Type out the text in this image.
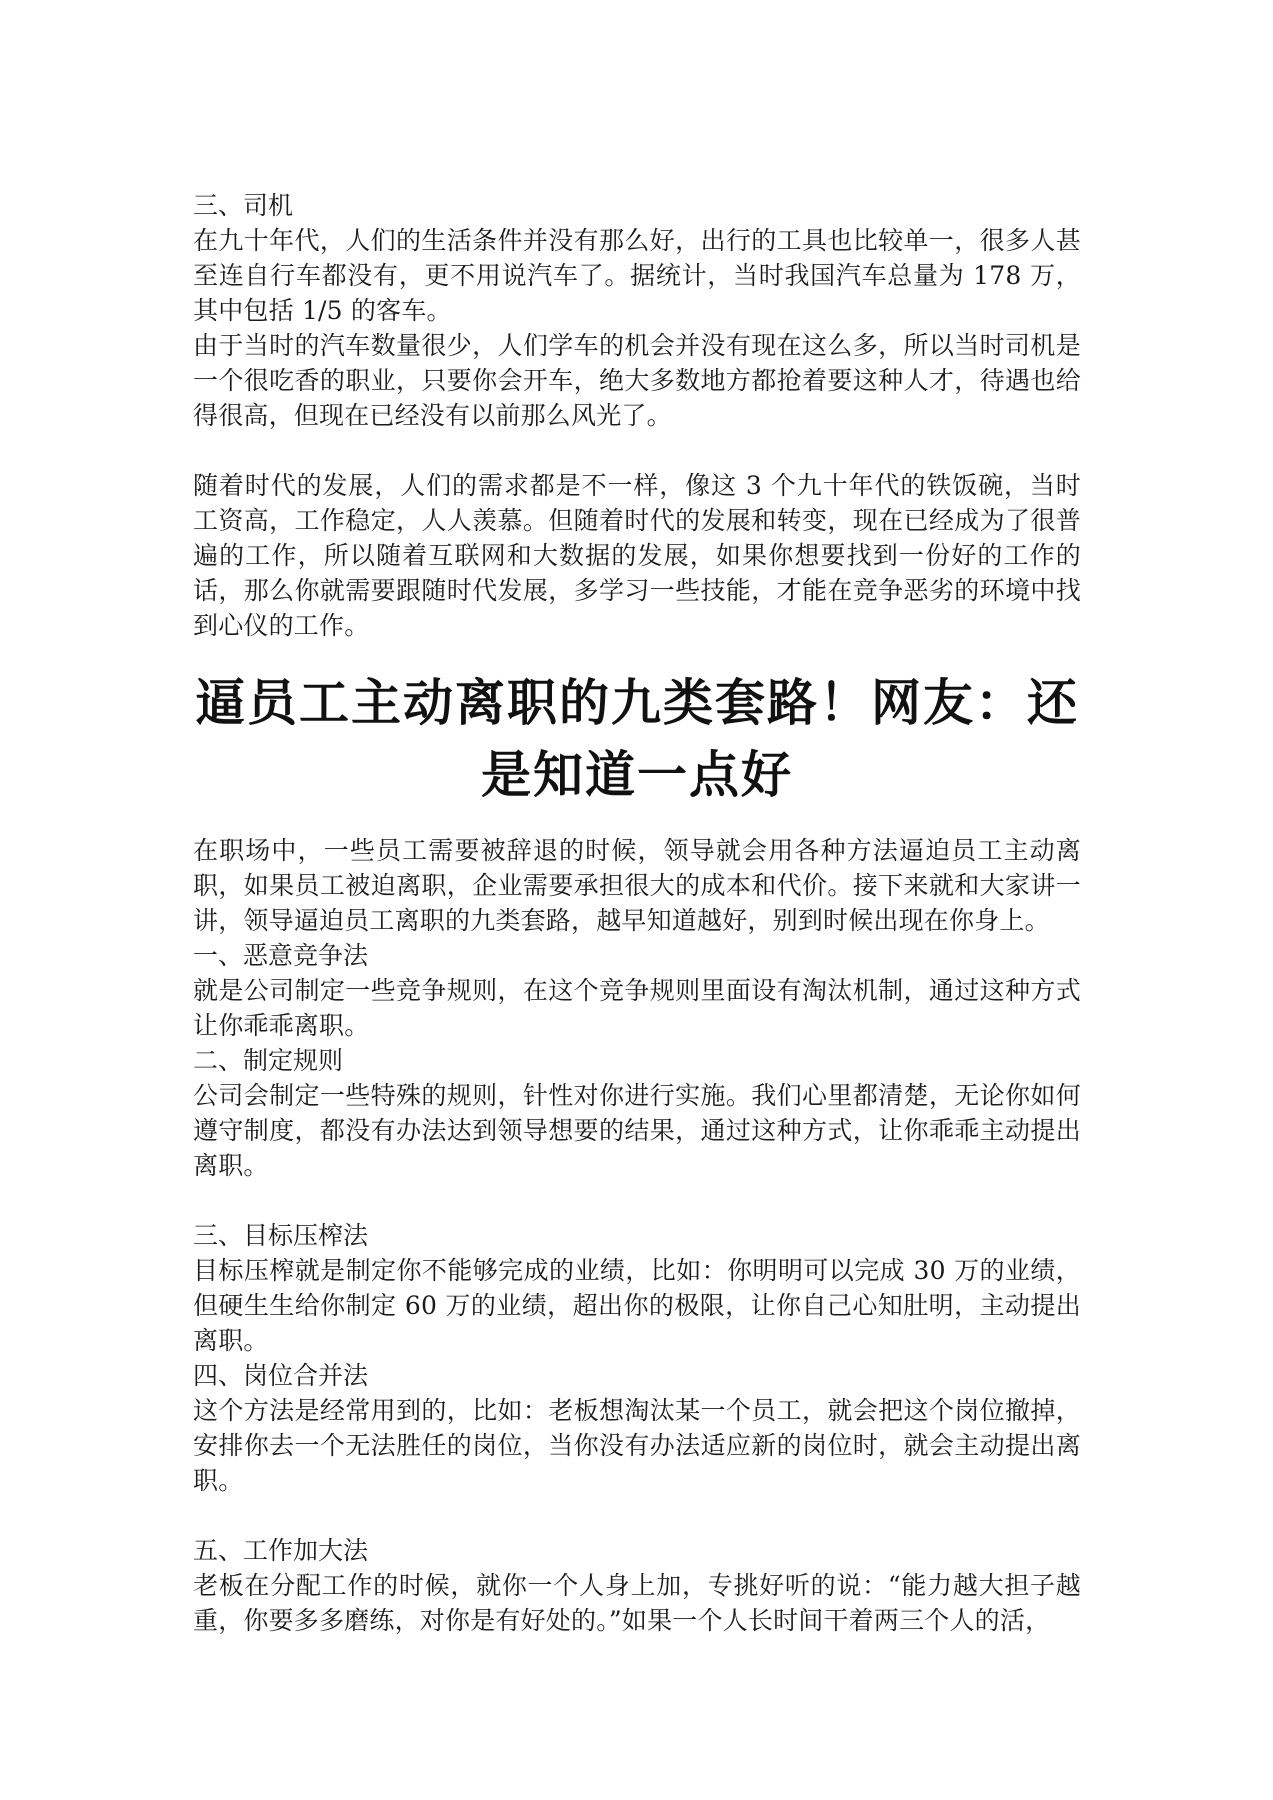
三、司机

在九十年代，人们的生活条件并没有那么好，出行的工具也比较单一，很多人甚至连自行车都没有，更不用说汽车了。据统计，当时我国汽车总量为 178 万，其中包括 1/5 的客车。

由于当时的汽车数量很少，人们学车的机会并没有现在这么多，所以当时司机是一个很吃香的职业，只要你会开车，绝大多数地方都抢着要这种人才，待遇也给得很高，但现在已经没有以前那么风光了。

随着时代的发展，人们的需求都是不一样，像这 3 个九十年代的铁饭碗，当时工资高，工作稳定，人人羡慕。但随着时代的发展和转变，现在已经成为了很普遍的工作，所以随着互联网和大数据的发展，如果你想要找到一份好的工作的话，那么你就需要跟随时代发展，多学习一些技能，才能在竞争恶劣的环境中找到心仪的工作。

逼员工主动离职的九类套路！网友：还
是知道一点好

在职场中，一些员工需要被辞退的时候，领导就会用各种方法逼迫员工主动离职，如果员工被迫离职，企业需要承担很大的成本和代价。接下来就和大家讲一讲，领导逼迫员工离职的九类套路，越早知道越好，别到时候出现在你身上。

一、恶意竞争法

就是公司制定一些竞争规则，在这个竞争规则里面设有淘汰机制，通过这种方式让你乖乖离职。

二、制定规则

公司会制定一些特殊的规则，针性对你进行实施。我们心里都清楚，无论你如何遵守制度，都没有办法达到领导想要的结果，通过这种方式，让你乖乖主动提出离职。

三、目标压榨法

目标压榨就是制定你不能够完成的业绩，比如：你明明可以完成 30 万的业绩，但硬生生给你制定 60 万的业绩，超出你的极限，让你自己心知肚明，主动提出离职。

四、岗位合并法

这个方法是经常用到的，比如：老板想淘汰某一个员工，就会把这个岗位撤掉，安排你去一个无法胜任的岗位，当你没有办法适应新的岗位时，就会主动提出离职。

五、工作加大法

老板在分配工作的时候，就你一个人身上加，专挑好听的说：“能力越大担子越重，你要多多磨练，对你是有好处的。”如果一个人长时间干着两三个人的活，
